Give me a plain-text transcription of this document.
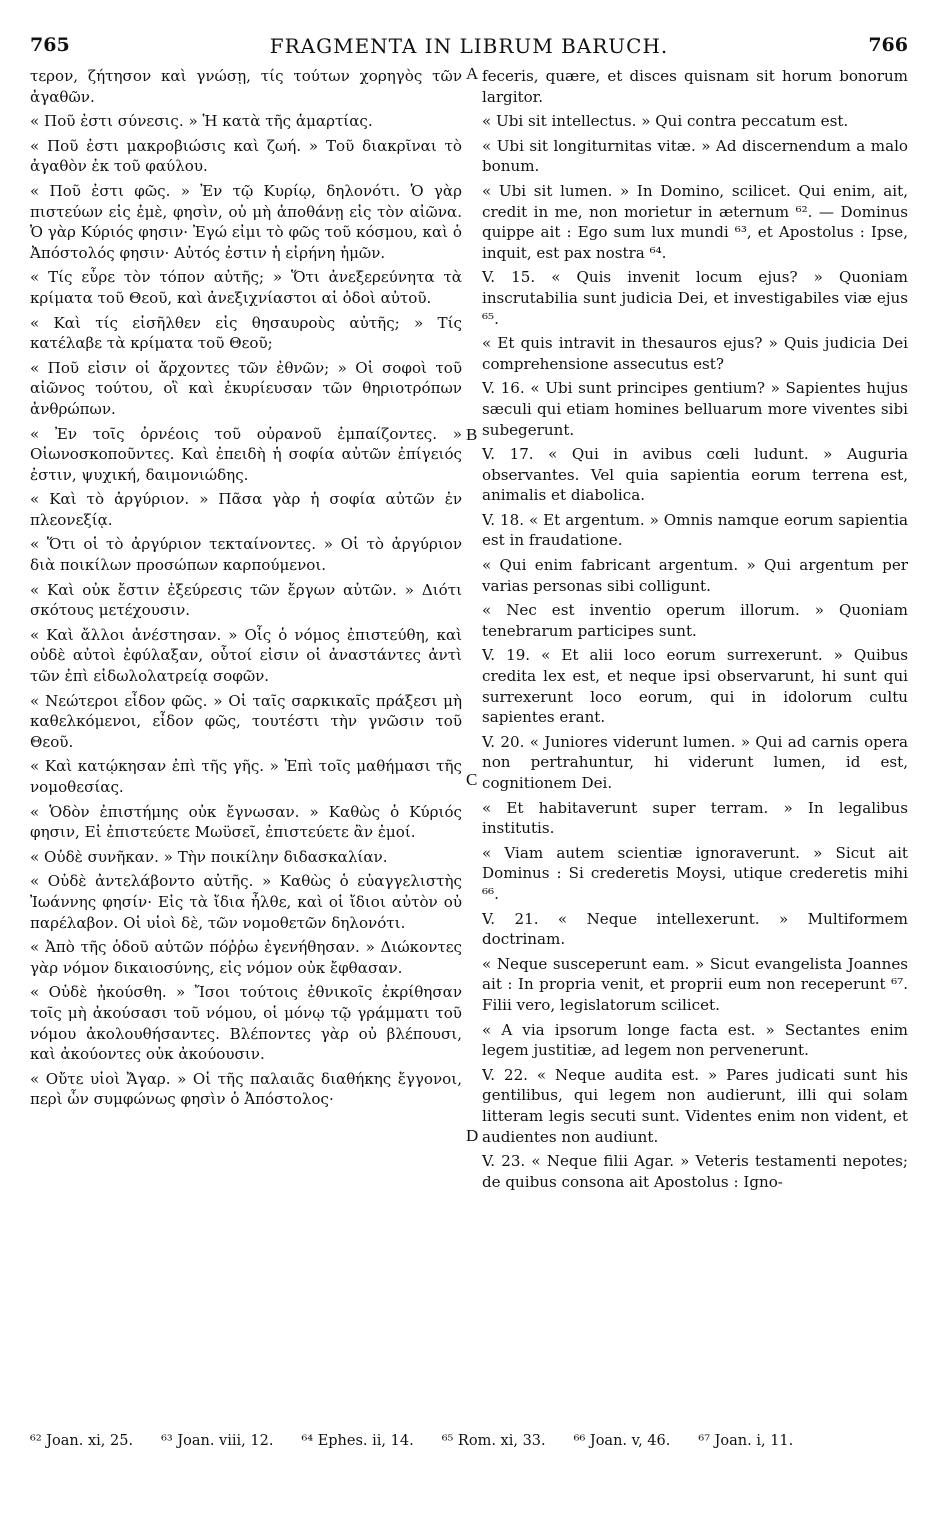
765	FRAGMENTA IN LIBRUM BARUCH.	766

τερον, ζήτησον καὶ γνώσῃ, τίς τούτων χορηγὸς τῶν ἀγαθῶν.

« Ποῦ ἐστι σύνεσις. » Ἡ κατὰ τῆς ἁμαρτίας.

« Ποῦ ἐστι μακροβιώσις καὶ ζωή. » Τοῦ διακρῖναι τὸ ἀγαθὸν ἐκ τοῦ φαύλου.

« Ποῦ ἐστι φῶς. » Ἐν τῷ Κυρίῳ, δηλονότι. Ὁ γὰρ πιστεύων εἰς ἐμὲ, φησὶν, οὐ μὴ ἀποθάνῃ εἰς τὸν αἰῶνα. Ὁ γὰρ Κύριός φησιν· Ἐγώ εἰμι τὸ φῶς τοῦ κόσμου, καὶ ὁ Ἀπόστολός φησιν· Αὐτός ἐστιν ἡ εἰρήνη ἡμῶν.

« Τίς εὗρε τὸν τόπον αὐτῆς; » Ὅτι ἀνεξερεύνητα τὰ κρίματα τοῦ Θεοῦ, καὶ ἀνεξιχνίαστοι αἱ ὁδοὶ αὐτοῦ.

« Καὶ τίς εἰσῆλθεν εἰς θησαυροὺς αὐτῆς; » Τίς κατέλαβε τὰ κρίματα τοῦ Θεοῦ;

« Ποῦ εἰσιν οἱ ἄρχοντες τῶν ἐθνῶν; » Οἱ σοφοὶ τοῦ αἰῶνος τούτου, οἳ καὶ ἐκυρίευσαν τῶν θηριοτρόπων ἀνθρώπων.

« Ἐν τοῖς ὀρνέοις τοῦ οὐρανοῦ ἐμπαίζοντες. » Οἰωνοσκοποῦντες. Καὶ ἐπειδὴ ἡ σοφία αὐτῶν ἐπίγειός ἐστιν, ψυχική, δαιμονιώδης.

« Καὶ τὸ ἀργύριον. » Πᾶσα γὰρ ἡ σοφία αὐτῶν ἐν πλεονεξίᾳ.

« Ὅτι οἱ τὸ ἀργύριον τεκταίνοντες. » Οἱ τὸ ἀργύριον διὰ ποικίλων προσώπων καρπούμενοι.

« Καὶ οὐκ ἔστιν ἐξεύρεσις τῶν ἔργων αὐτῶν. » Διότι σκότους μετέχουσιν.

« Καὶ ἄλλοι ἀνέστησαν. » Οἷς ὁ νόμος ἐπιστεύθη, καὶ οὐδὲ αὐτοὶ ἐφύλαξαν, οὗτοί εἰσιν οἱ ἀναστάντες ἀντὶ τῶν ἐπὶ εἰδωλολατρείᾳ σοφῶν.

« Νεώτεροι εἶδον φῶς. » Οἱ ταῖς σαρκικαῖς πράξεσι μὴ καθελκόμενοι, εἶδον φῶς, τουτέστι τὴν γνῶσιν τοῦ Θεοῦ.

« Καὶ κατῴκησαν ἐπὶ τῆς γῆς. » Ἐπὶ τοῖς μαθήμασι τῆς νομοθεσίας.

« Ὁδὸν ἐπιστήμης οὐκ ἔγνωσαν. » Καθὼς ὁ Κύριός φησιν, Εἰ ἐπιστεύετε Μωϋσεῖ, ἐπιστεύετε ἂν ἐμοί.

« Οὐδὲ συνῆκαν. » Τὴν ποικίλην διδασκαλίαν.

« Οὐδὲ ἀντελάβοντο αὐτῆς. » Καθὼς ὁ εὐαγγελιστὴς Ἰωάννης φησίν· Εἰς τὰ ἴδια ἦλθε, καὶ οἱ ἴδιοι αὐτὸν οὐ παρέλαβον. Οἱ υἱοὶ δὲ, τῶν νομοθετῶν δηλονότι.

« Ἀπὸ τῆς ὁδοῦ αὐτῶν πόῤῥω ἐγενήθησαν. » Διώκοντες γὰρ νόμον δικαιοσύνης, εἰς νόμον οὐκ ἔφθασαν.

« Οὐδὲ ἠκούσθη. » Ἴσοι τούτοις ἐθνικοῖς ἐκρίθησαν τοῖς μὴ ἀκούσασι τοῦ νόμου, οἱ μόνῳ τῷ γράμματι τοῦ νόμου ἀκολουθήσαντες. Βλέποντες γὰρ οὐ βλέπουσι, καὶ ἀκούοντες οὐκ ἀκούουσιν.

« Οὔτε υἱοὶ Ἄγαρ. » Οἱ τῆς παλαιᾶς διαθήκης ἔγγονοι, περὶ ὧν συμφώνως φησὶν ὁ Ἀπόστολος·

feceris, quære, et disces quisnam sit horum bonorum largitor.

« Ubi sit intellectus. » Qui contra peccatum est.

« Ubi sit longiturnitas vitæ. » Ad discernendum a malo bonum.

« Ubi sit lumen. » In Domino, scilicet. Qui enim, ait, credit in me, non morietur in æternum ⁶². — Dominus quippe ait : Ego sum lux mundi ⁶³, et Apostolus : Ipse, inquit, est pax nostra ⁶⁴.

V. 15. « Quis invenit locum ejus? » Quoniam inscrutabilia sunt judicia Dei, et investigabiles viæ ejus ⁶⁵.

« Et quis intravit in thesauros ejus? » Quis judicia Dei comprehensione assecutus est?

V. 16. « Ubi sunt principes gentium? » Sapientes hujus sæculi qui etiam homines belluarum more viventes sibi subegerunt.

V. 17. « Qui in avibus cœli ludunt. » Auguria observantes. Vel quia sapientia eorum terrena est, animalis et diabolica.

V. 18. « Et argentum. » Omnis namque eorum sapientia est in fraudatione.

« Qui enim fabricant argentum. » Qui argentum per varias personas sibi colligunt.

« Nec est inventio operum illorum. » Quoniam tenebrarum participes sunt.

V. 19. « Et alii loco eorum surrexerunt. » Quibus credita lex est, et neque ipsi observarunt, hi sunt qui surrexerunt loco eorum, qui in idolorum cultu sapientes erant.

V. 20. « Juniores viderunt lumen. » Qui ad carnis opera non pertrahuntur, hi viderunt lumen, id est, cognitionem Dei.

« Et habitaverunt super terram. » In legalibus institutis.

« Viam autem scientiæ ignoraverunt. » Sicut ait Dominus : Si crederetis Moysi, utique crederetis mihi ⁶⁶.

V. 21. « Neque intellexerunt. » Multiformem doctrinam.

« Neque susceperunt eam. » Sicut evangelista Joannes ait : In propria venit, et proprii eum non receperunt ⁶⁷. Filii vero, legislatorum scilicet.

« A via ipsorum longe facta est. » Sectantes enim legem justitiæ, ad legem non pervenerunt.

V. 22. « Neque audita est. » Pares judicati sunt his gentilibus, qui legem non audierunt, illi qui solam litteram legis secuti sunt. Videntes enim non vident, et audientes non audiunt.

V. 23. « Neque filii Agar. » Veteris testamenti nepotes; de quibus consona ait Apostolus : Igno-

A
B
C
D
⁶² Joan. xi, 25. ⁶³ Joan. viii, 12. ⁶⁴ Ephes. ii, 14. ⁶⁵ Rom. xi, 33. ⁶⁶ Joan. v, 46. ⁶⁷ Joan. i, 11.
